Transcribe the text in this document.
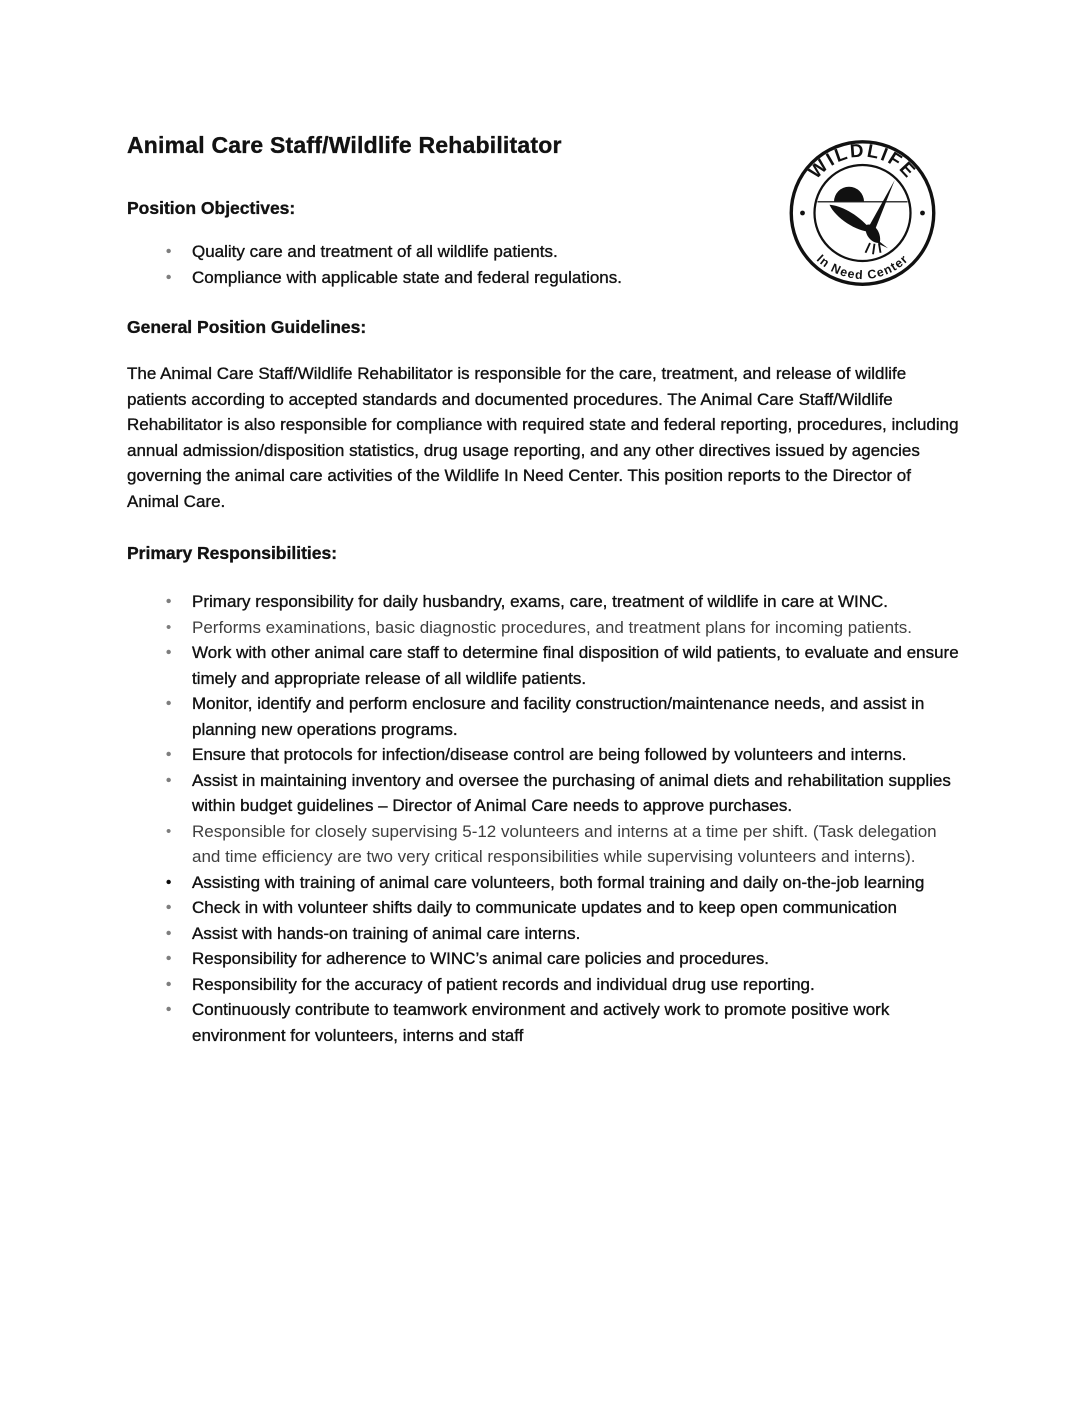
Animal Care Staff/Wildlife Rehabilitator
WILDLIFE
In Need Center
Position Objectives:
•	Quality care and treatment of all wildlife patients.
•	Compliance with applicable state and federal regulations.
General Position Guidelines:

The Animal Care Staff/Wildlife Rehabilitator is responsible for the care, treatment, and release of wildlife patients according to accepted standards and documented procedures. The Animal Care Staff/Wildlife Rehabilitator is also responsible for compliance with required state and federal reporting, procedures, including annual admission/disposition statistics, drug usage reporting, and any other directives issued by agencies governing the animal care activities of the Wildlife In Need Center. This position reports to the Director of Animal Care.

Primary Responsibilities:
•	Primary responsibility for daily husbandry, exams, care, treatment of wildlife in care at WINC.
•	Performs examinations, basic diagnostic procedures, and treatment plans for incoming patients.
•	Work with other animal care staff to determine final disposition of wild patients, to evaluate and ensure timely and appropriate release of all wildlife patients.
•	Monitor, identify and perform enclosure and facility construction/maintenance needs, and assist in planning new operations programs.
•	Ensure that protocols for infection/disease control are being followed by volunteers and interns.
•	Assist in maintaining inventory and oversee the purchasing of animal diets and rehabilitation supplies within budget guidelines – Director of Animal Care needs to approve purchases.
•	Responsible for closely supervising 5-12 volunteers and interns at a time per shift. (Task delegation and time efficiency are two very critical responsibilities while supervising volunteers and interns).
•	Assisting with training of animal care volunteers, both formal training and daily on-the-job learning
•	Check in with volunteer shifts daily to communicate updates and to keep open communication
•	Assist with hands-on training of animal care interns.
•	Responsibility for adherence to WINC’s animal care policies and procedures.
•	Responsibility for the accuracy of patient records and individual drug use reporting.
•	Continuously contribute to teamwork environment and actively work to promote positive work environment for volunteers, interns and staff
